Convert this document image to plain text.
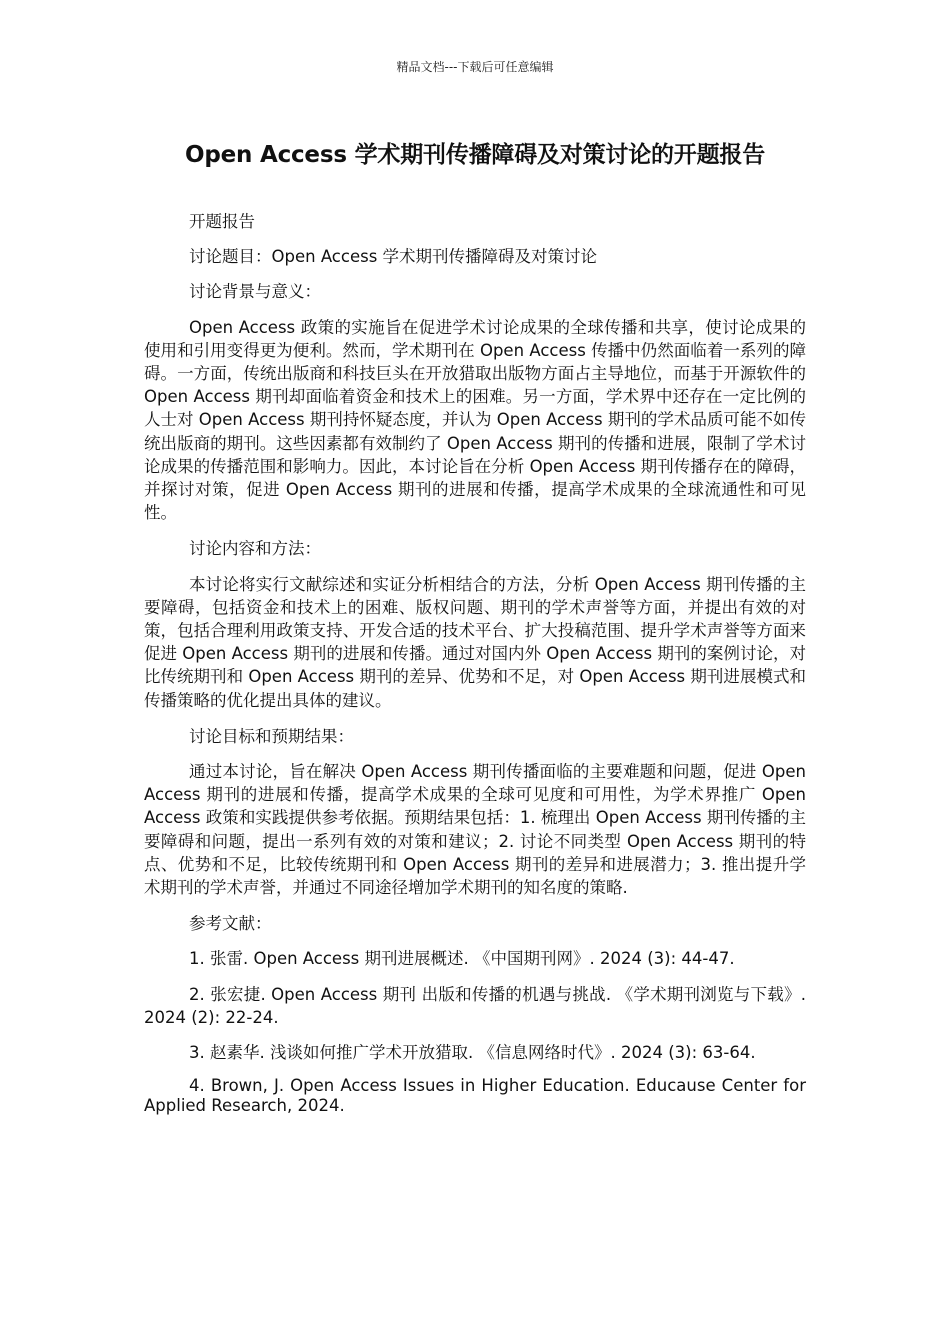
精品文档---下载后可任意编辑
Open Access 学术期刊传播障碍及对策讨论的开题报告

开题报告

讨论题目：Open Access 学术期刊传播障碍及对策讨论

讨论背景与意义：

Open Access 政策的实施旨在促进学术讨论成果的全球传播和共享，使讨论成果的使用和引用变得更为便利。然而，学术期刊在 Open Access 传播中仍然面临着一系列的障碍。一方面，传统出版商和科技巨头在开放猎取出版物方面占主导地位，而基于开源软件的 Open Access 期刊却面临着资金和技术上的困难。另一方面，学术界中还存在一定比例的人士对 Open Access 期刊持怀疑态度，并认为 Open Access 期刊的学术品质可能不如传统出版商的期刊。这些因素都有效制约了 Open Access 期刊的传播和进展，限制了学术讨论成果的传播范围和影响力。因此，本讨论旨在分析 Open Access 期刊传播存在的障碍，并探讨对策，促进 Open Access 期刊的进展和传播，提高学术成果的全球流通性和可见性。

讨论内容和方法：

本讨论将实行文献综述和实证分析相结合的方法，分析 Open Access 期刊传播的主要障碍，包括资金和技术上的困难、版权问题、期刊的学术声誉等方面，并提出有效的对策，包括合理利用政策支持、开发合适的技术平台、扩大投稿范围、提升学术声誉等方面来促进 Open Access 期刊的进展和传播。通过对国内外 Open Access 期刊的案例讨论，对比传统期刊和 Open Access 期刊的差异、优势和不足，对 Open Access 期刊进展模式和传播策略的优化提出具体的建议。

讨论目标和预期结果：

通过本讨论，旨在解决 Open Access 期刊传播面临的主要难题和问题，促进 Open Access 期刊的进展和传播，提高学术成果的全球可见度和可用性，为学术界推广 Open Access 政策和实践提供参考依据。预期结果包括：1. 梳理出 Open Access 期刊传播的主要障碍和问题，提出一系列有效的对策和建议；2. 讨论不同类型 Open Access 期刊的特点、优势和不足，比较传统期刊和 Open Access 期刊的差异和进展潜力；3. 推出提升学术期刊的学术声誉，并通过不同途径增加学术期刊的知名度的策略.

参考文献：

1. 张雷. Open Access 期刊进展概述. 《中国期刊网》. 2024 (3): 44-47.

2. 张宏捷. Open Access 期刊 出版和传播的机遇与挑战. 《学术期刊浏览与下载》. 2024 (2): 22-24.

3. 赵素华. 浅谈如何推广学术开放猎取. 《信息网络时代》. 2024 (3): 63-64.

4. Brown, J. Open Access Issues in Higher Education. Educause Center for Applied Research, 2024.
